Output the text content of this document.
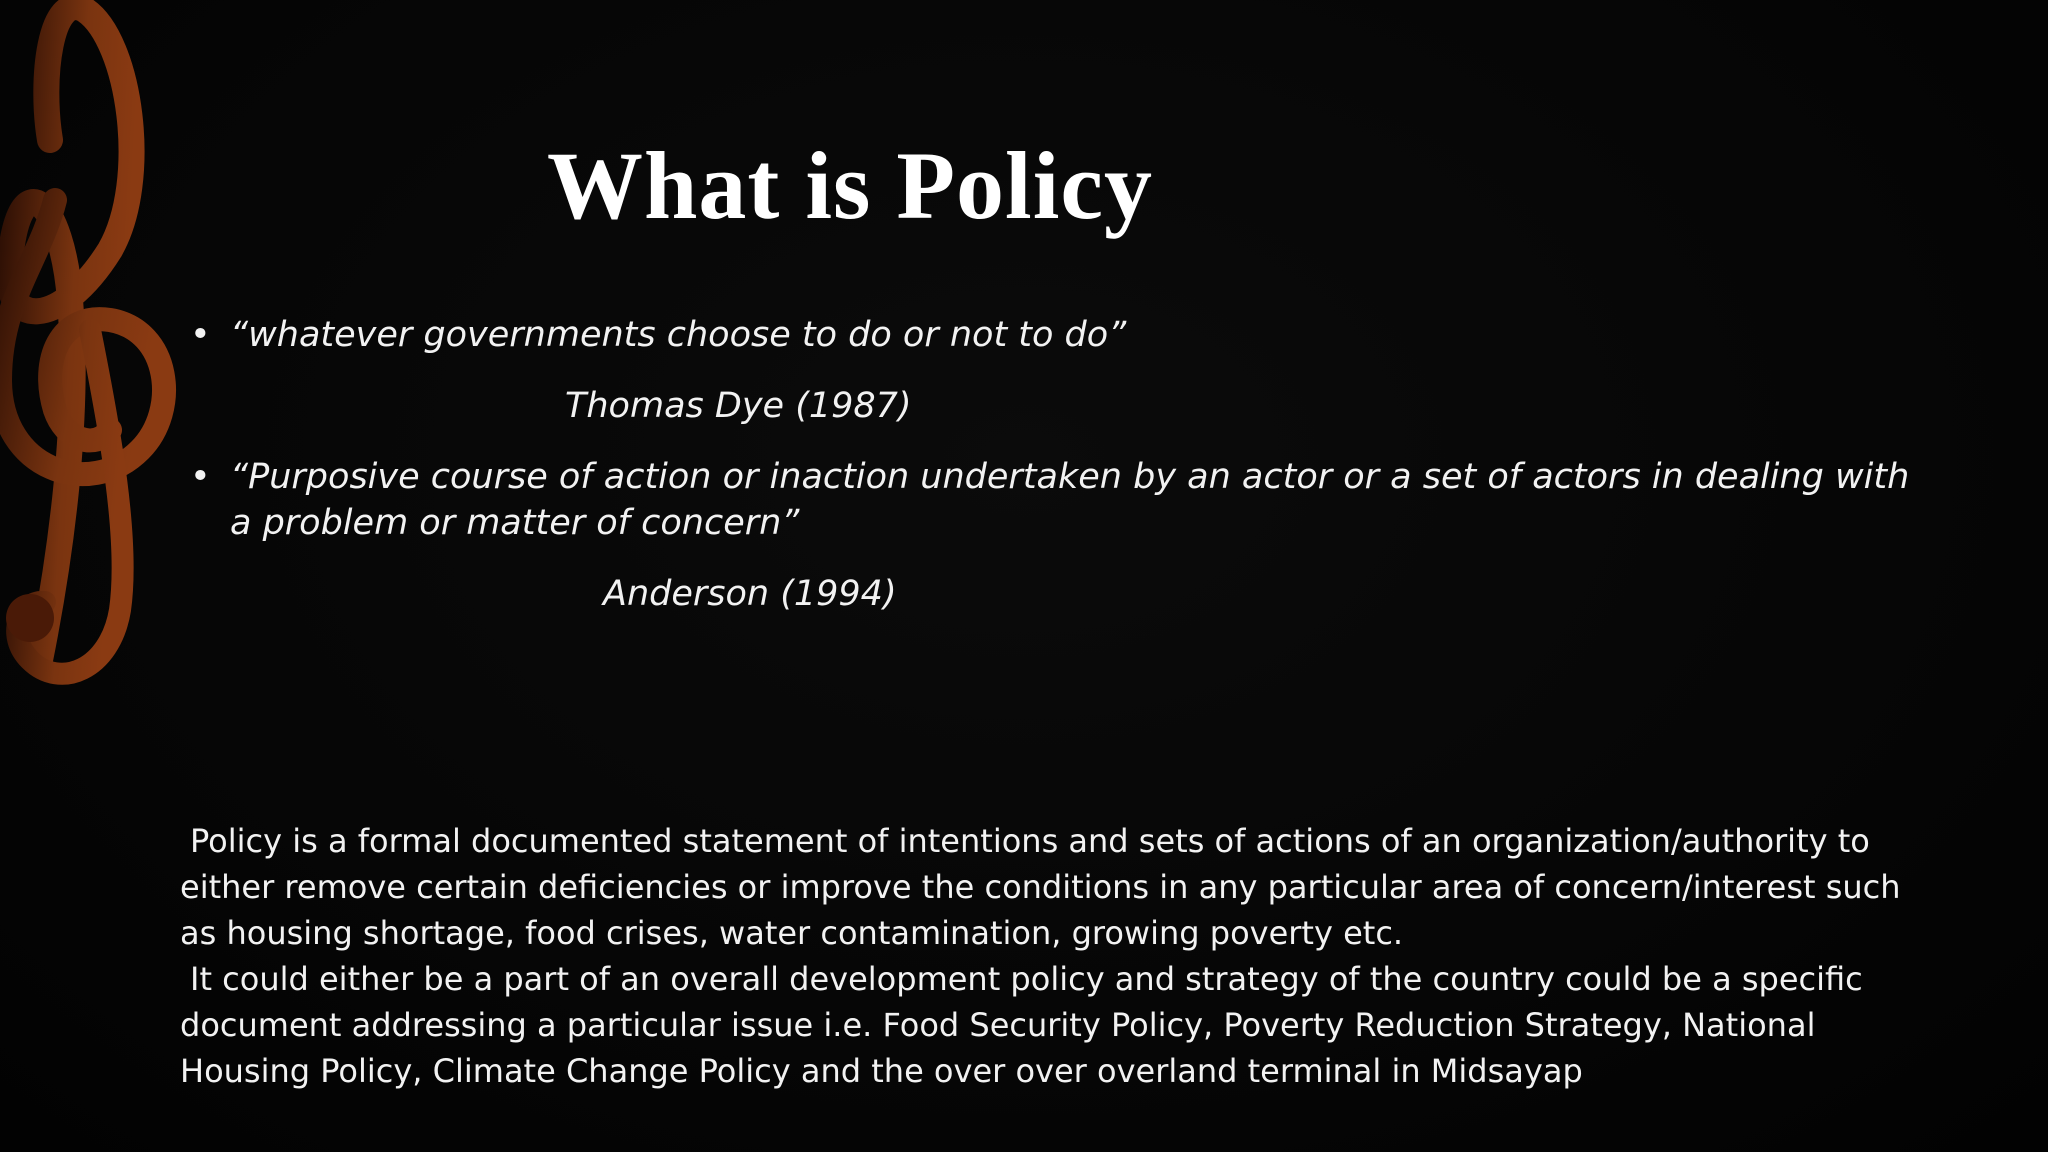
What is Policy
• “whatever governments choose to do or not to do”
Thomas Dye (1987)
• “Purposive course of action or inaction undertaken by an actor or a set of actors in dealing with a problem or matter of concern”
Anderson (1994)

Policy is a formal documented statement of intentions and sets of actions of an organization/authority to either remove certain deficiencies or improve the conditions in any particular area of concern/interest such as housing shortage, food crises, water contamination, growing poverty etc.

It could either be a part of an overall development policy and strategy of the country could be a specific document addressing a particular issue i.e. Food Security Policy, Poverty Reduction Strategy, National Housing Policy, Climate Change Policy and the over over overland terminal in Midsayap
